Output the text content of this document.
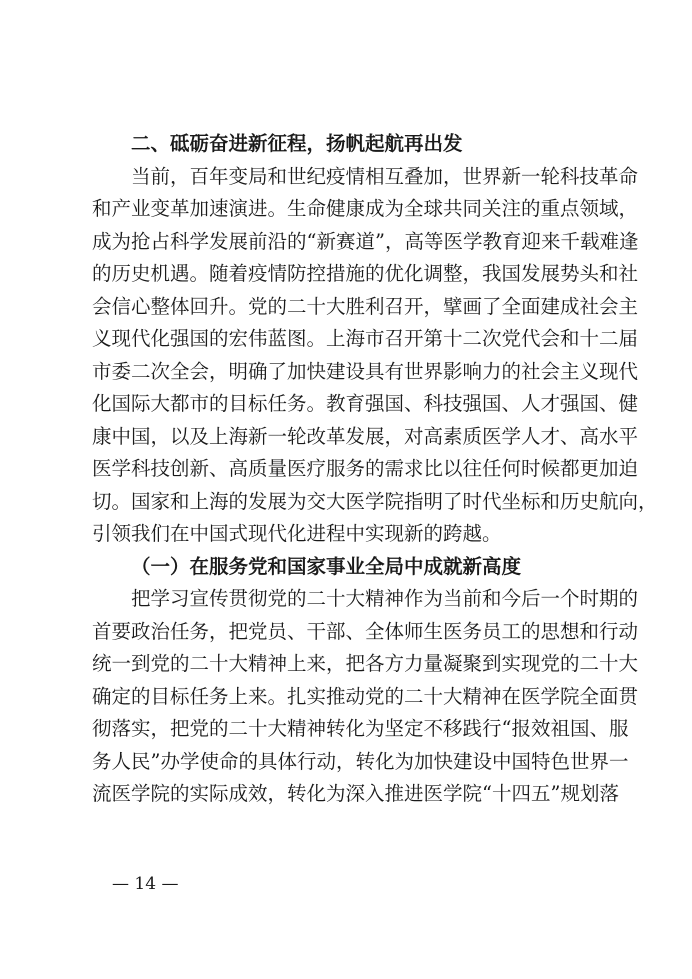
二、砥砺奋进新征程，扬帆起航再出发
当前，百年变局和世纪疫情相互叠加，世界新一轮科技革命
和产业变革加速演进。生命健康成为全球共同关注的重点领域，
成为抢占科学发展前沿的“新赛道”，高等医学教育迎来千载难逢
的历史机遇。随着疫情防控措施的优化调整，我国发展势头和社
会信心整体回升。党的二十大胜利召开，擘画了全面建成社会主
义现代化强国的宏伟蓝图。上海市召开第十二次党代会和十二届
市委二次全会，明确了加快建设具有世界影响力的社会主义现代
化国际大都市的目标任务。教育强国、科技强国、人才强国、健
康中国，以及上海新一轮改革发展，对高素质医学人才、高水平
医学科技创新、高质量医疗服务的需求比以往任何时候都更加迫
切。国家和上海的发展为交大医学院指明了时代坐标和历史航向，
引领我们在中国式现代化进程中实现新的跨越。
（一）在服务党和国家事业全局中成就新高度
把学习宣传贯彻党的二十大精神作为当前和今后一个时期的
首要政治任务，把党员、干部、全体师生医务员工的思想和行动
统一到党的二十大精神上来，把各方力量凝聚到实现党的二十大
确定的目标任务上来。扎实推动党的二十大精神在医学院全面贯
彻落实，把党的二十大精神转化为坚定不移践行“报效祖国、服
务人民”办学使命的具体行动，转化为加快建设中国特色世界一
流医学院的实际成效，转化为深入推进医学院“十四五”规划落
— 14 —
